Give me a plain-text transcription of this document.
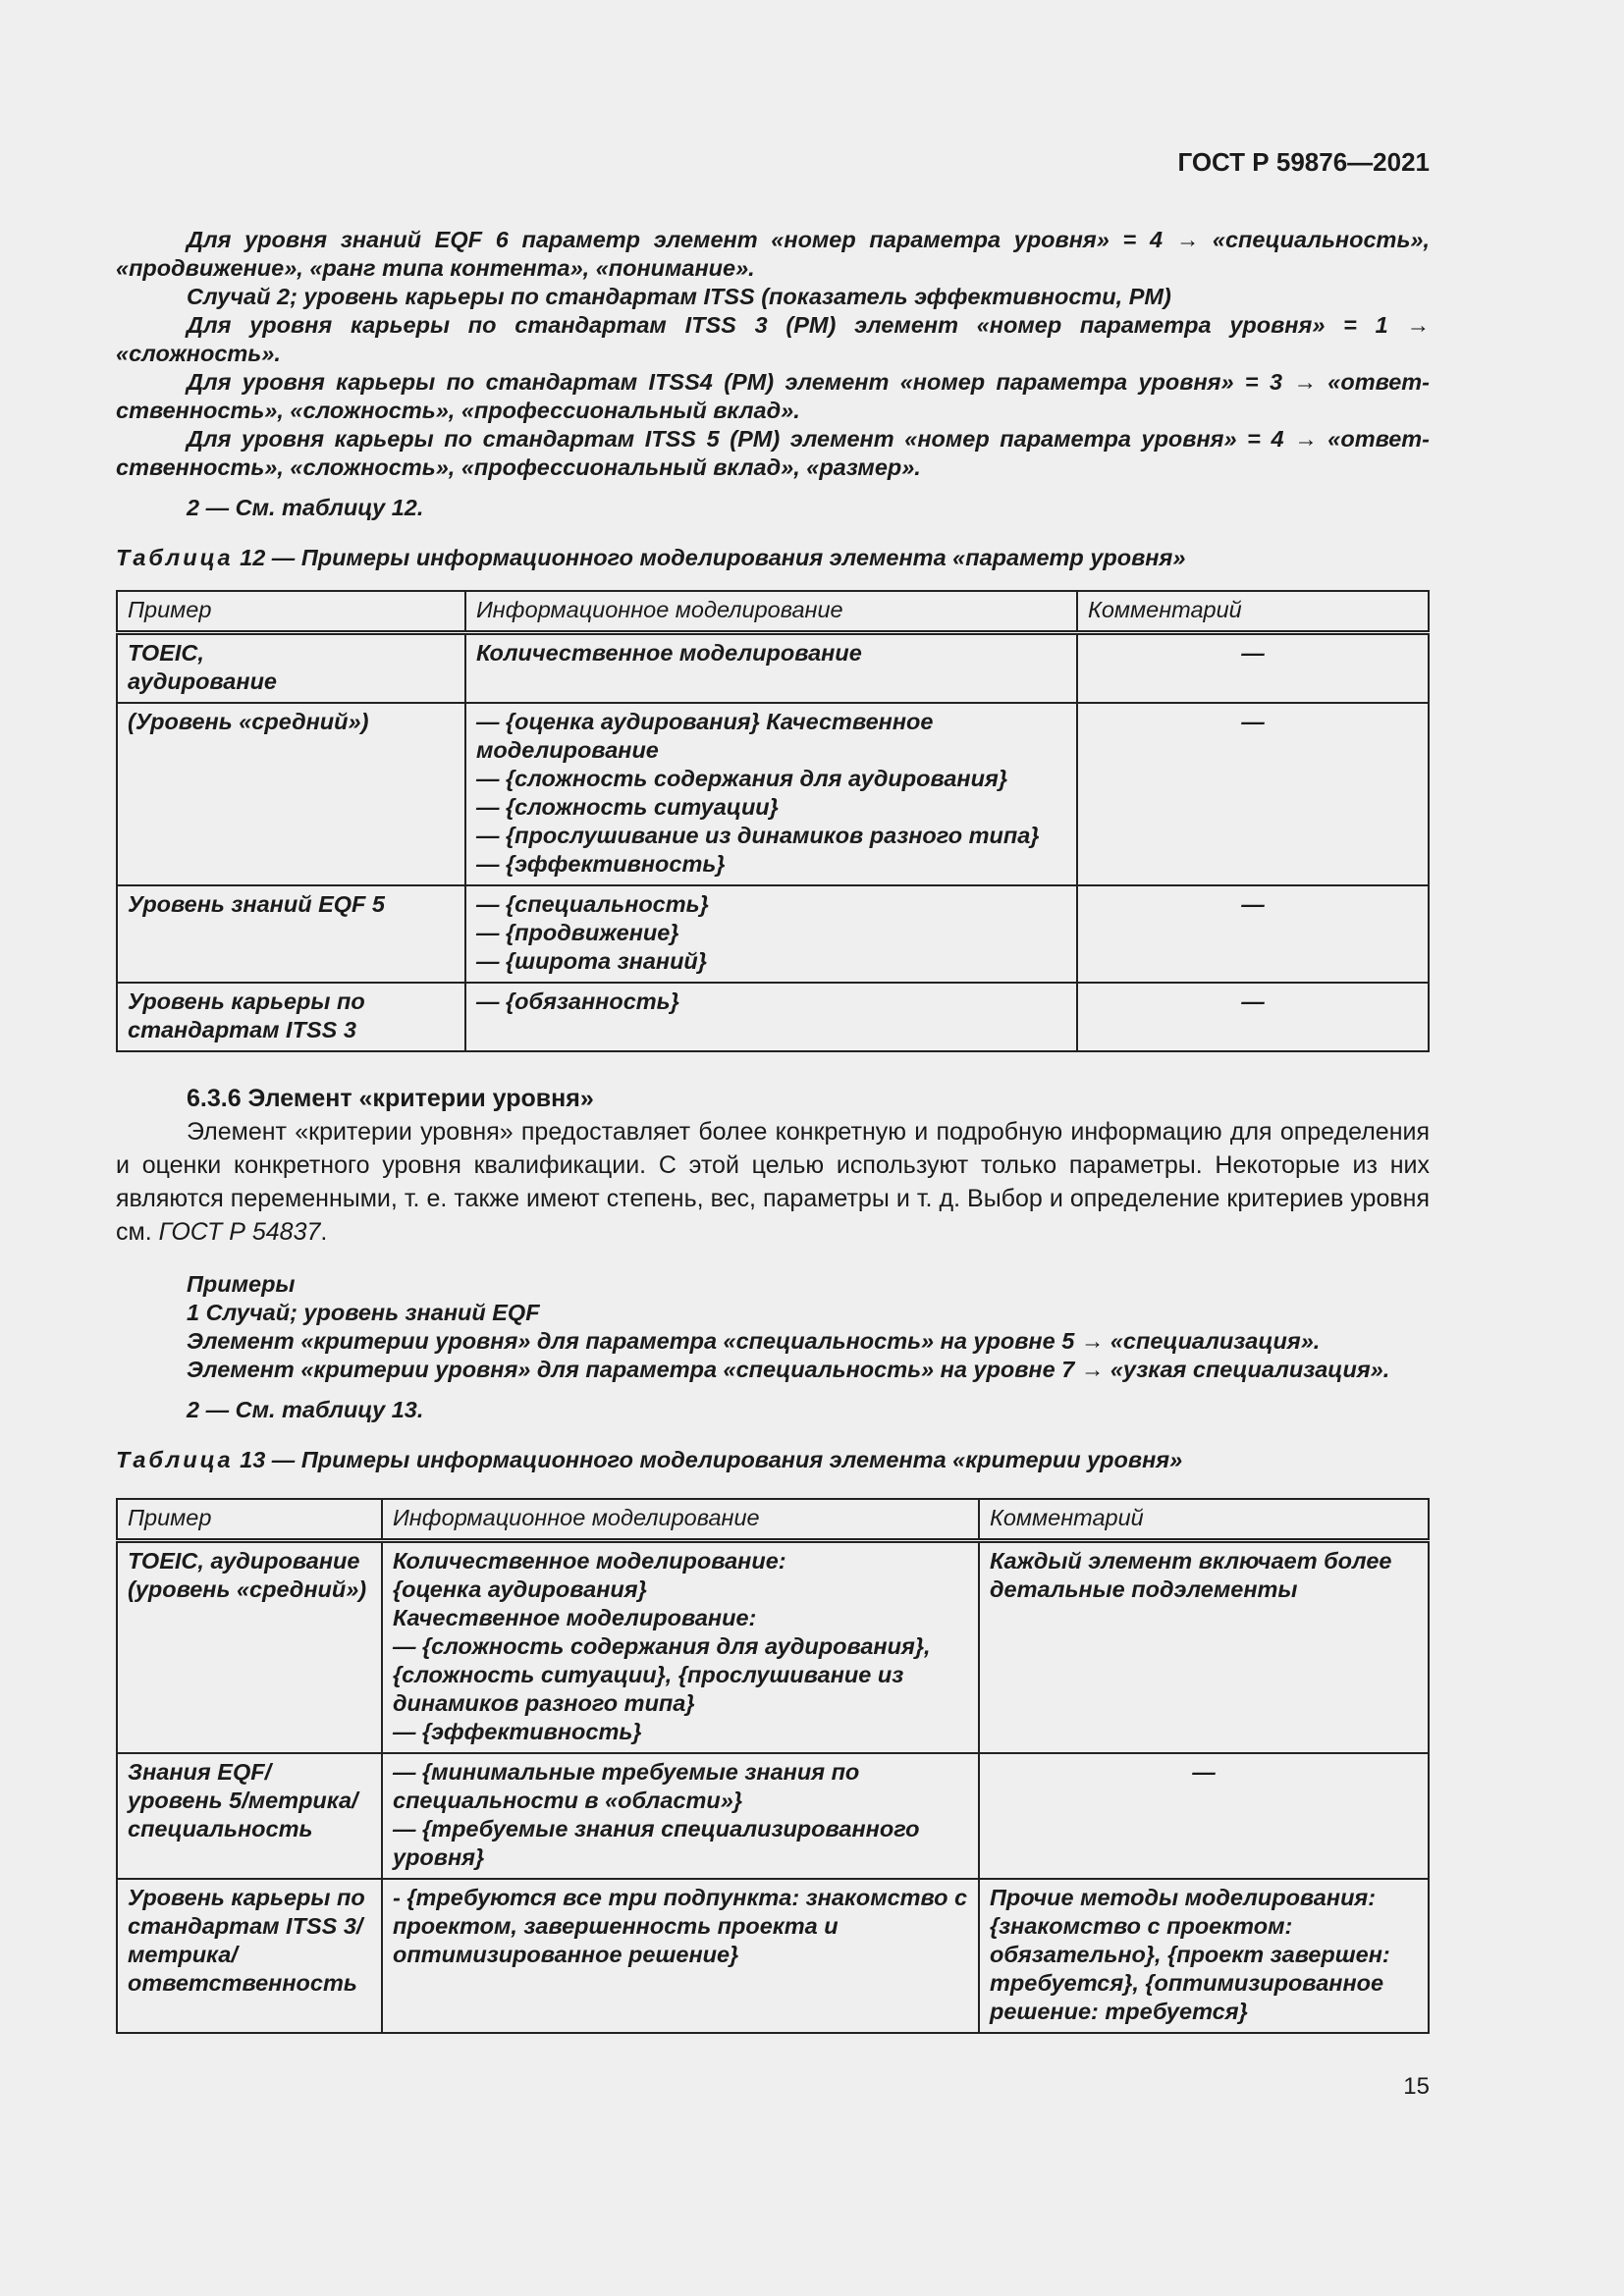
ГОСТ Р 59876—2021

Для уровня знаний EQF 6 параметр элемент «номер параметра уровня» = 4 → «специальность», «продвижение», «ранг типа контента», «понимание».

Случай 2; уровень карьеры по стандартам ITSS (показатель эффективности, PM)

Для уровня карьеры по стандартам ITSS 3 (PM) элемент «номер параметра уровня» = 1 → «сложность».

Для уровня карьеры по стандартам ITSS4 (PM) элемент «номер параметра уровня» = 3 → «ответ-ственность», «сложность», «профессиональный вклад».

Для уровня карьеры по стандартам ITSS 5 (PM) элемент «номер параметра уровня» = 4 → «ответ-ственность», «сложность», «профессиональный вклад», «размер».

2 — См. таблицу 12.

Таблица 12 — Примеры информационного моделирования элемента «параметр уровня»

Пример	Информационное моделирование	Комментарий

TOEIC,
аудирование	Количественное моделирование	—

(Уровень «средний»)	— {оценка аудирования} Качественное моделирование
— {сложность содержания для аудирования}
— {сложность ситуации}
— {прослушивание из динамиков разного типа}
— {эффективность}	—

Уровень знаний EQF 5	— {специальность}
— {продвижение}
— {широта знаний}	—

Уровень карьеры по стандартам ITSS 3	— {обязанность}	—

6.3.6 Элемент «критерии уровня»

Элемент «критерии уровня» предоставляет более конкретную и подробную информацию для определения и оценки конкретного уровня квалификации. С этой целью используют только параметры. Некоторые из них являются переменными, т. е. также имеют степень, вес, параметры и т. д. Выбор и определение критериев уровня см. ГОСТ Р 54837.

Примеры

1 Случай; уровень знаний EQF

Элемент «критерии уровня» для параметра «специальность» на уровне 5 → «специализация».

Элемент «критерии уровня» для параметра «специальность» на уровне 7 → «узкая специализация».

2 — См. таблицу 13.

Таблица 13 — Примеры информационного моделирования элемента «критерии уровня»

Пример	Информационное моделирование	Комментарий

TOEIC, аудирование (уровень «средний»)	Количественное моделирование:
{оценка аудирования}
Качественное моделирование:
— {сложность содержания для аудирования}, {сложность ситуации}, {прослушивание из динамиков разного типа}
— {эффективность}	Каждый элемент включает более детальные подэлементы

Знания EQF/ уровень 5/метрика/ специальность	— {минимальные требуемые знания по специальности в «области»}
— {требуемые знания специализированного уровня}	—

Уровень карьеры по стандартам ITSS 3/метрика/ ответственность	- {требуются все три подпункта: знакомство с проектом, завершенность проекта и оптимизированное решение}	Прочие методы моделирования: {знакомство с проектом: обязательно}, {проект завершен: требуется}, {оптимизированное решение: требуется}
15
